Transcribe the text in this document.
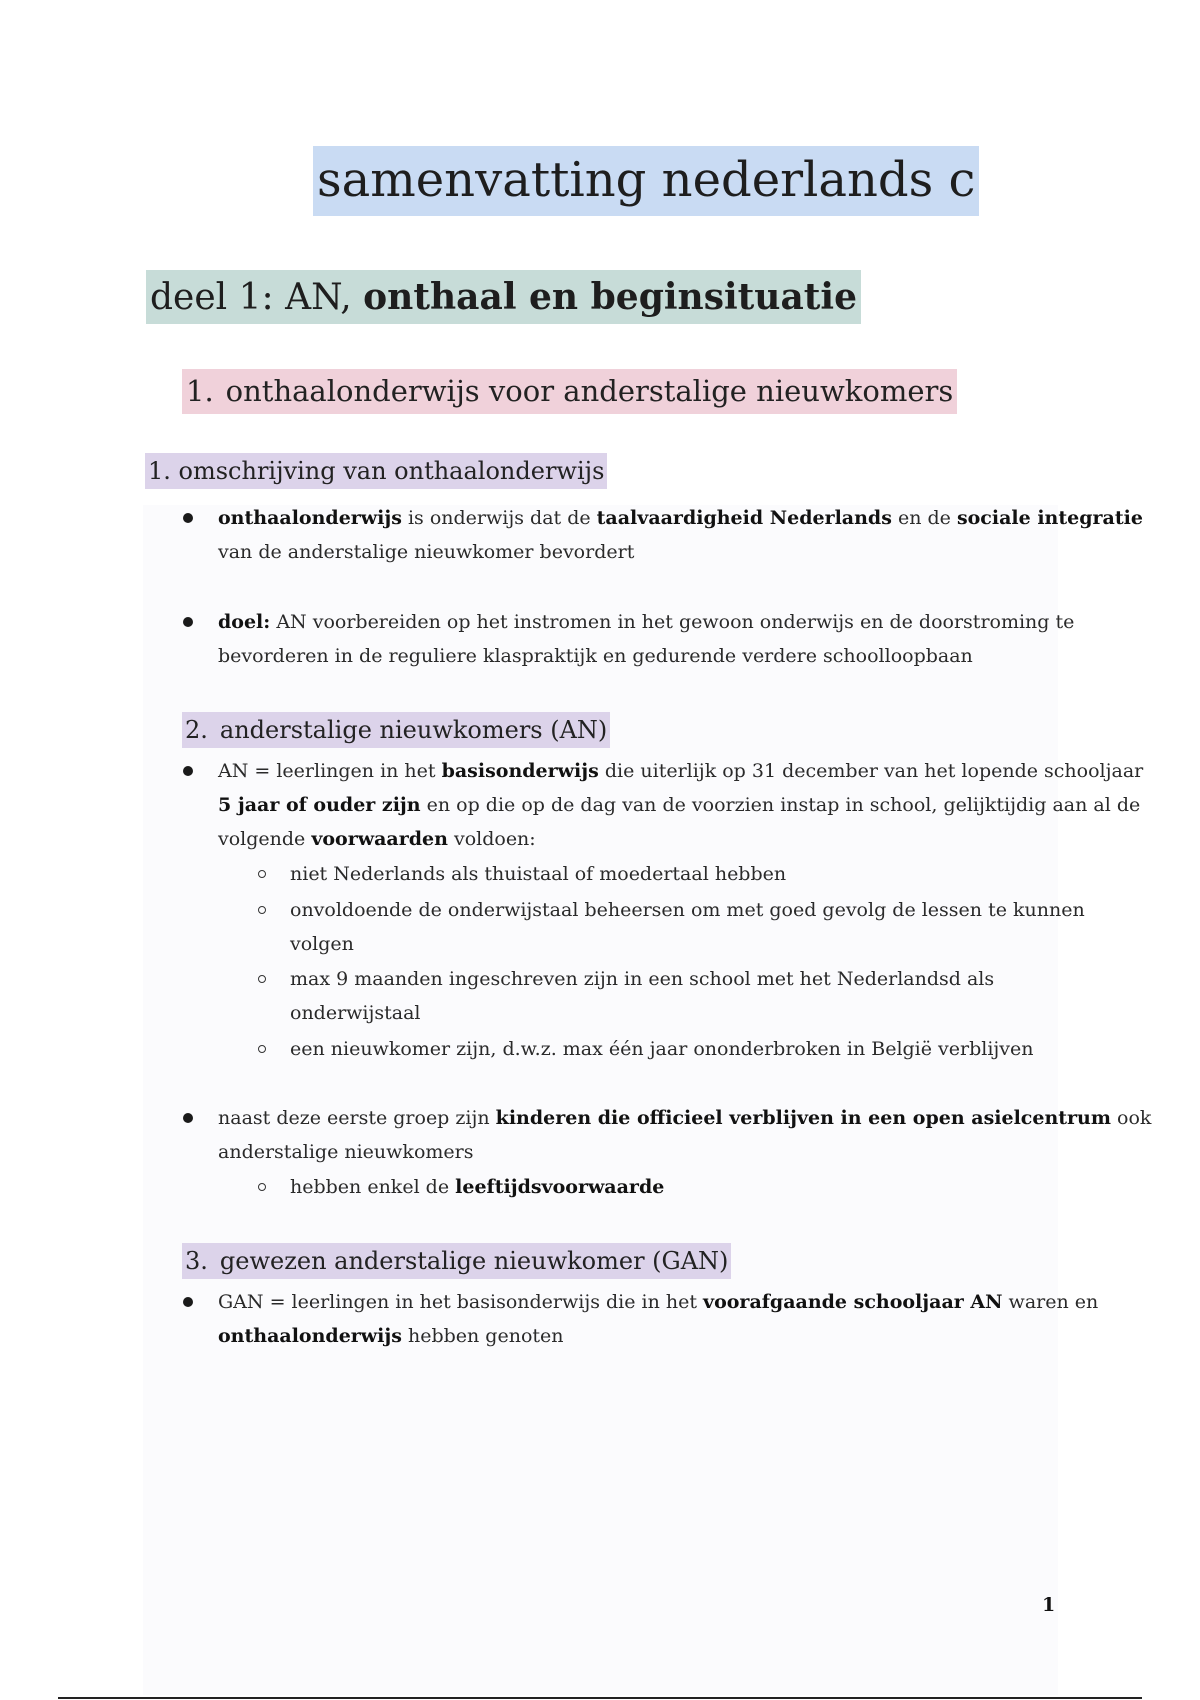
samenvatting nederlands c
deel 1: AN, onthaal en beginsituatie
1. onthaalonderwijs voor anderstalige nieuwkomers
1. omschrijving van onthaalonderwijs
onthaalonderwijs is onderwijs dat de taalvaardigheid Nederlands en de sociale integratie
van de anderstalige nieuwkomer bevordert
doel: AN voorbereiden op het instromen in het gewoon onderwijs en de doorstroming te
bevorderen in de reguliere klaspraktijk en gedurende verdere schoolloopbaan
2. anderstalige nieuwkomers (AN)
AN = leerlingen in het basisonderwijs die uiterlijk op 31 december van het lopende schooljaar
5 jaar of ouder zijn en op die op de dag van de voorzien instap in school, gelijktijdig aan al de
volgende voorwaarden voldoen:
niet Nederlands als thuistaal of moedertaal hebben
onvoldoende de onderwijstaal beheersen om met goed gevolg de lessen te kunnen
volgen
max 9 maanden ingeschreven zijn in een school met het Nederlandsd als
onderwijstaal
een nieuwkomer zijn, d.w.z. max één jaar ononderbroken in België verblijven
naast deze eerste groep zijn kinderen die officieel verblijven in een open asielcentrum ook
anderstalige nieuwkomers
hebben enkel de leeftijdsvoorwaarde
3. gewezen anderstalige nieuwkomer (GAN)
GAN = leerlingen in het basisonderwijs die in het voorafgaande schooljaar AN waren en
onthaalonderwijs hebben genoten
1
